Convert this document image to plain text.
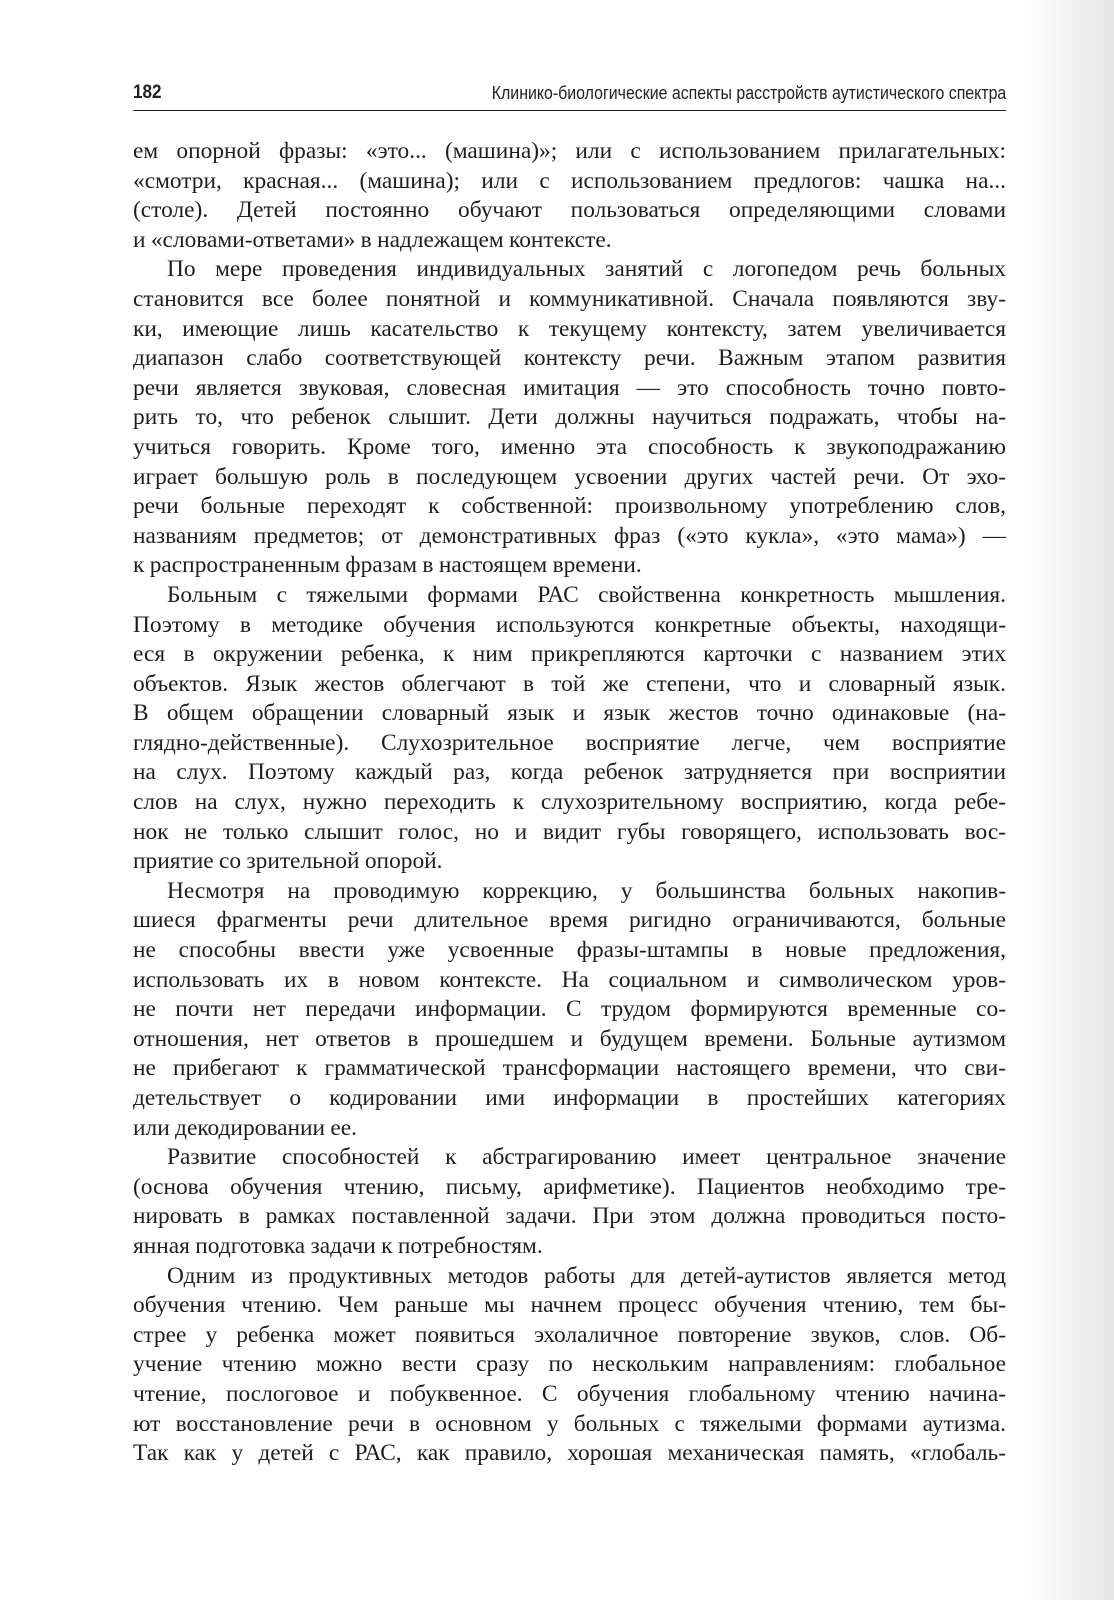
182	Клинико-биологические аспекты расстройств аутистического спектра
ем опорной фразы: «это... (машина)»; или с использованием прилагательных:
«смотри, красная... (машина); или с использованием предлогов: чашка на...
(столе). Детей постоянно обучают пользоваться определяющими словами
и «словами-ответами» в надлежащем контексте.
По мере проведения индивидуальных занятий с логопедом речь больных
становится все более понятной и коммуникативной. Сначала появляются зву-
ки, имеющие лишь касательство к текущему контексту, затем увеличивается
диапазон слабо соответствующей контексту речи. Важным этапом развития
речи является звуковая, словесная имитация — это способность точно повто-
рить то, что ребенок слышит. Дети должны научиться подражать, чтобы на-
учиться говорить. Кроме того, именно эта способность к звукоподражанию
играет большую роль в последующем усвоении других частей речи. От эхо-
речи больные переходят к собственной: произвольному употреблению слов,
названиям предметов; от демонстративных фраз («это кукла», «это мама») —
к распространенным фразам в настоящем времени.
Больным с тяжелыми формами РАС свойственна конкретность мышления.
Поэтому в методике обучения используются конкретные объекты, находящи-
еся в окружении ребенка, к ним прикрепляются карточки с названием этих
объектов. Язык жестов облегчают в той же степени, что и словарный язык.
В общем обращении словарный язык и язык жестов точно одинаковые (на-
глядно-действенные). Слухозрительное восприятие легче, чем восприятие
на слух. Поэтому каждый раз, когда ребенок затрудняется при восприятии
слов на слух, нужно переходить к слухозрительному восприятию, когда ребе-
нок не только слышит голос, но и видит губы говорящего, использовать вос-
приятие со зрительной опорой.
Несмотря на проводимую коррекцию, у большинства больных накопив-
шиеся фрагменты речи длительное время ригидно ограничиваются, больные
не способны ввести уже усвоенные фразы-штампы в новые предложения,
использовать их в новом контексте. На социальном и символическом уров-
не почти нет передачи информации. С трудом формируются временные со-
отношения, нет ответов в прошедшем и будущем времени. Больные аутизмом
не прибегают к грамматической трансформации настоящего времени, что сви-
детельствует о кодировании ими информации в простейших категориях
или декодировании ее.
Развитие способностей к абстрагированию имеет центральное значение
(основа обучения чтению, письму, арифметике). Пациентов необходимо тре-
нировать в рамках поставленной задачи. При этом должна проводиться посто-
янная подготовка задачи к потребностям.
Одним из продуктивных методов работы для детей-аутистов является метод
обучения чтению. Чем раньше мы начнем процесс обучения чтению, тем бы-
стрее у ребенка может появиться эхолаличное повторение звуков, слов. Об-
учение чтению можно вести сразу по нескольким направлениям: глобальное
чтение, послоговое и побуквенное. С обучения глобальному чтению начина-
ют восстановление речи в основном у больных с тяжелыми формами аутизма.
Так как у детей с РАС, как правило, хорошая механическая память, «глобаль-
